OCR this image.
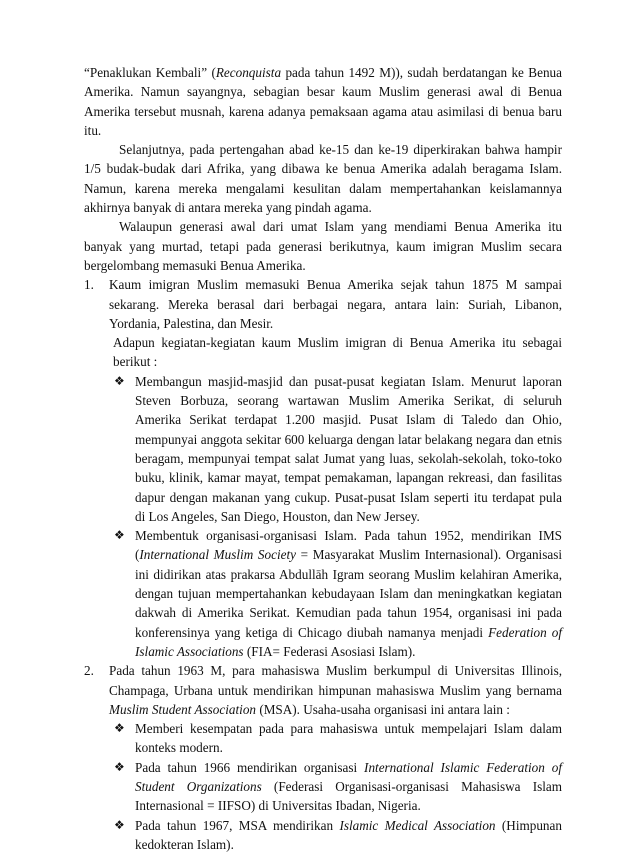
“Penaklukan Kembali” (Reconquista pada tahun 1492 M)), sudah berdatangan ke Benua Amerika. Namun sayangnya, sebagian besar kaum Muslim generasi awal di Benua Amerika tersebut musnah, karena adanya pemaksaan agama atau asimilasi di benua baru itu.

Selanjutnya, pada pertengahan abad ke-15 dan ke-19 diperkirakan bahwa hampir 1/5 budak-budak dari Afrika, yang dibawa ke benua Amerika adalah beragama Islam. Namun, karena mereka mengalami kesulitan dalam mempertahankan keislamannya akhirnya banyak di antara mereka yang pindah agama.

Walaupun generasi awal dari umat Islam yang mendiami Benua Amerika itu banyak yang murtad, tetapi pada generasi berikutnya, kaum imigran Muslim secara bergelombang memasuki Benua Amerika.

1. Kaum imigran Muslim memasuki Benua Amerika sejak tahun 1875 M sampai sekarang. Mereka berasal dari berbagai negara, antara lain: Suriah, Libanon, Yordania, Palestina, dan Mesir.

Adapun kegiatan-kegiatan kaum Muslim imigran di Benua Amerika itu sebagai berikut :

❖ Membangun masjid-masjid dan pusat-pusat kegiatan Islam. Menurut laporan Steven Borbuza, seorang wartawan Muslim Amerika Serikat, di seluruh Amerika Serikat terdapat 1.200 masjid. Pusat Islam di Taledo dan Ohio, mempunyai anggota sekitar 600 keluarga dengan latar belakang negara dan etnis beragam, mempunyai tempat salat Jumat yang luas, sekolah-sekolah, toko-toko buku, klinik, kamar mayat, tempat pemakaman, lapangan rekreasi, dan fasilitas dapur dengan makanan yang cukup. Pusat-pusat Islam seperti itu terdapat pula di Los Angeles, San Diego, Houston, dan New Jersey.
❖ Membentuk organisasi-organisasi Islam. Pada tahun 1952, mendirikan IMS (International Muslim Society = Masyarakat Muslim Internasional). Organisasi ini didirikan atas prakarsa Abdullāh Igram seorang Muslim kelahiran Amerika, dengan tujuan mempertahankan kebudayaan Islam dan meningkatkan kegiatan dakwah di Amerika Serikat. Kemudian pada tahun 1954, organisasi ini pada konferensinya yang ketiga di Chicago diubah namanya menjadi Federation of Islamic Associations (FIA= Federasi Asosiasi Islam).
2. Pada tahun 1963 M, para mahasiswa Muslim berkumpul di Universitas Illinois, Champaga, Urbana untuk mendirikan himpunan mahasiswa Muslim yang bernama Muslim Student Association (MSA). Usaha-usaha organisasi ini antara lain :

❖ Memberi kesempatan pada para mahasiswa untuk mempelajari Islam dalam konteks modern.
❖ Pada tahun 1966 mendirikan organisasi International Islamic Federation of Student Organizations (Federasi Organisasi-organisasi Mahasiswa Islam Internasional = IIFSO) di Universitas Ibadan, Nigeria.
❖ Pada tahun 1967, MSA mendirikan Islamic Medical Association (Himpunan kedokteran Islam).
